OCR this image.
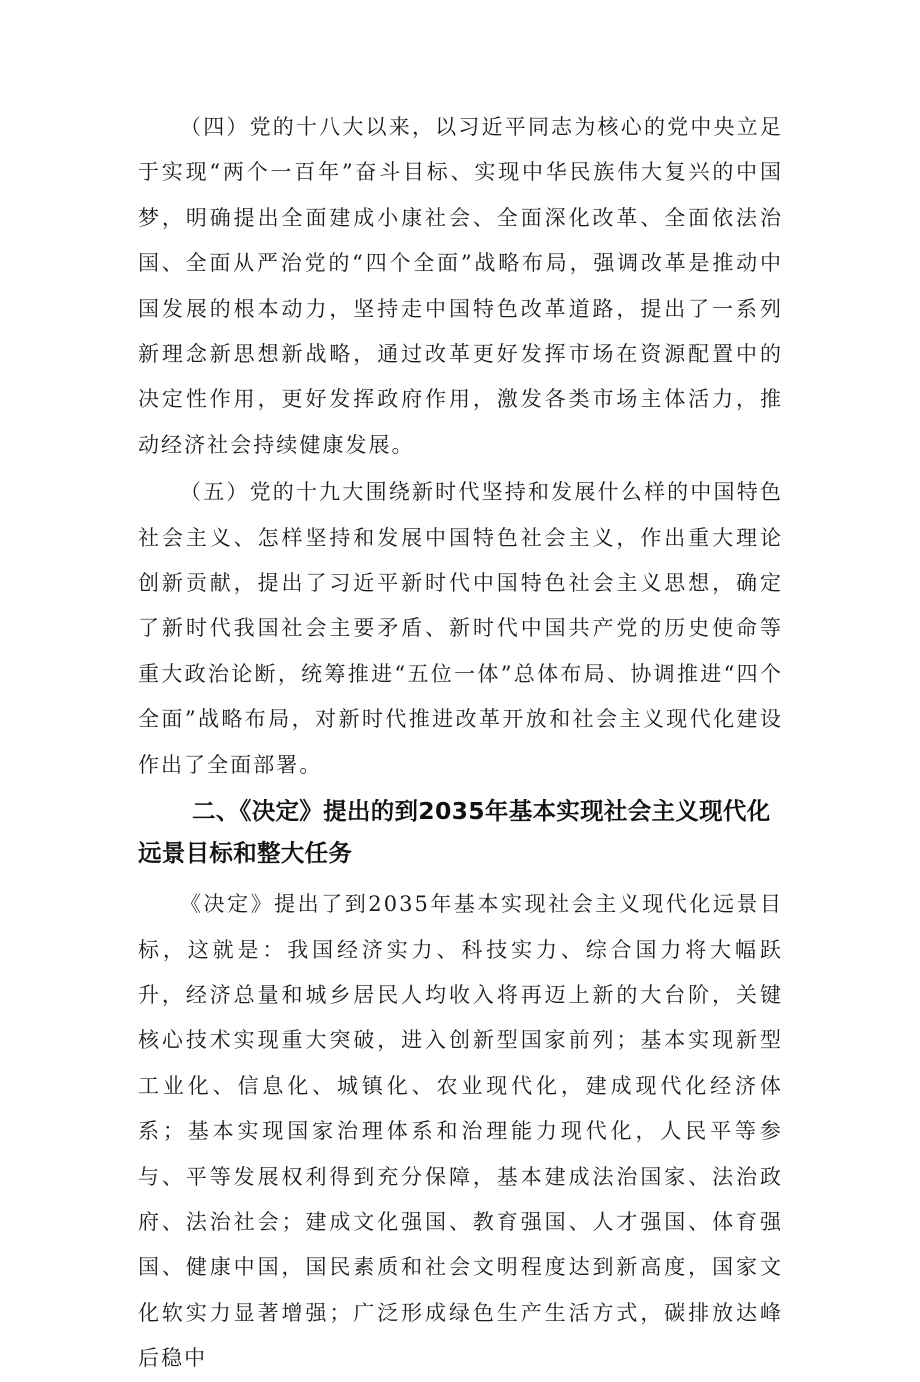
（四）党的十八大以来，以习近平同志为核心的党中央立足于实现“两个一百年”奋斗目标、实现中华民族伟大复兴的中国梦，明确提出全面建成小康社会、全面深化改革、全面依法治国、全面从严治党的“四个全面”战略布局，强调改革是推动中国发展的根本动力，坚持走中国特色改革道路，提出了一系列新理念新思想新战略，通过改革更好发挥市场在资源配置中的决定性作用，更好发挥政府作用，激发各类市场主体活力，推动经济社会持续健康发展。

（五）党的十九大围绕新时代坚持和发展什么样的中国特色社会主义、怎样坚持和发展中国特色社会主义，作出重大理论创新贡献，提出了习近平新时代中国特色社会主义思想，确定了新时代我国社会主要矛盾、新时代中国共产党的历史使命等重大政治论断，统筹推进“五位一体”总体布局、协调推进“四个全面”战略布局，对新时代推进改革开放和社会主义现代化建设作出了全面部署。

二、《决定》提出的到2035年基本实现社会主义现代化远景目标和整大任务

《决定》提出了到2035年基本实现社会主义现代化远景目标，这就是：我国经济实力、科技实力、综合国力将大幅跃升，经济总量和城乡居民人均收入将再迈上新的大台阶，关键核心技术实现重大突破，进入创新型国家前列；基本实现新型工业化、信息化、城镇化、农业现代化，建成现代化经济体系；基本实现国家治理体系和治理能力现代化，人民平等参与、平等发展权利得到充分保障，基本建成法治国家、法治政府、法治社会；建成文化强国、教育强国、人才强国、体育强国、健康中国，国民素质和社会文明程度达到新高度，国家文化软实力显著增强；广泛形成绿色生产生活方式，碳排放达峰后稳中
